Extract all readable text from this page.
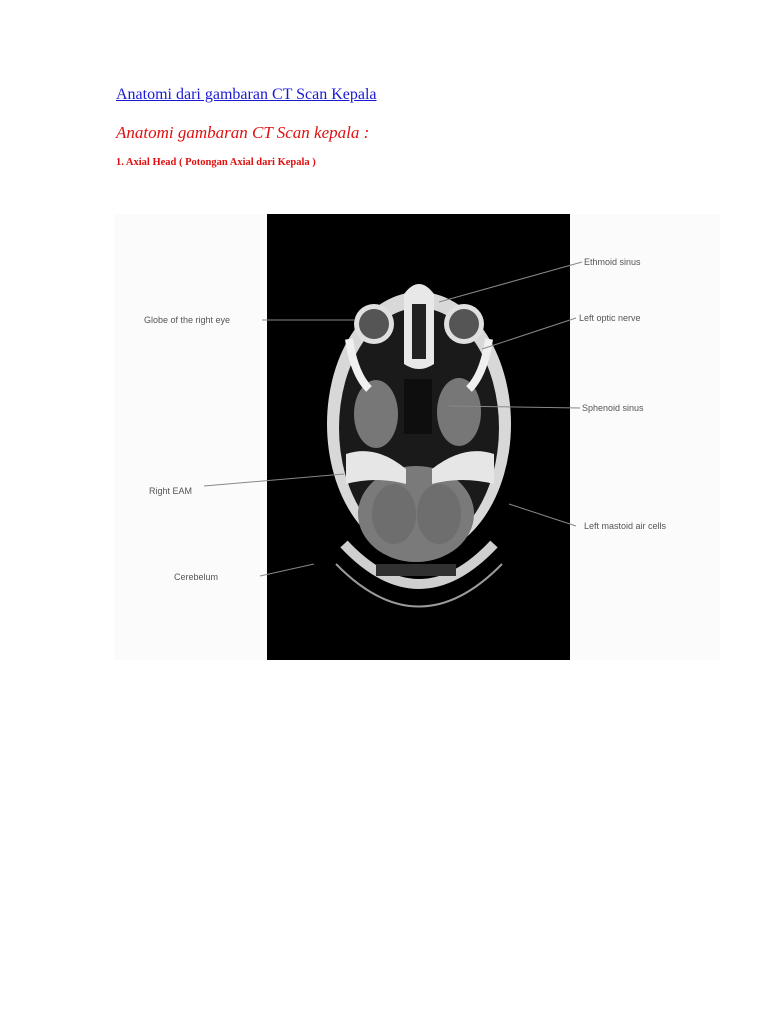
Anatomi dari gambaran CT Scan Kepala
Anatomi gambaran CT Scan kepala :
1. Axial Head ( Potongan Axial dari Kepala )
Ethmoid sinus
Globe of the right eye	Left optic nerve
Sphenoid sinus
Right EAM
Left mastoid air cells
Cerebelum
